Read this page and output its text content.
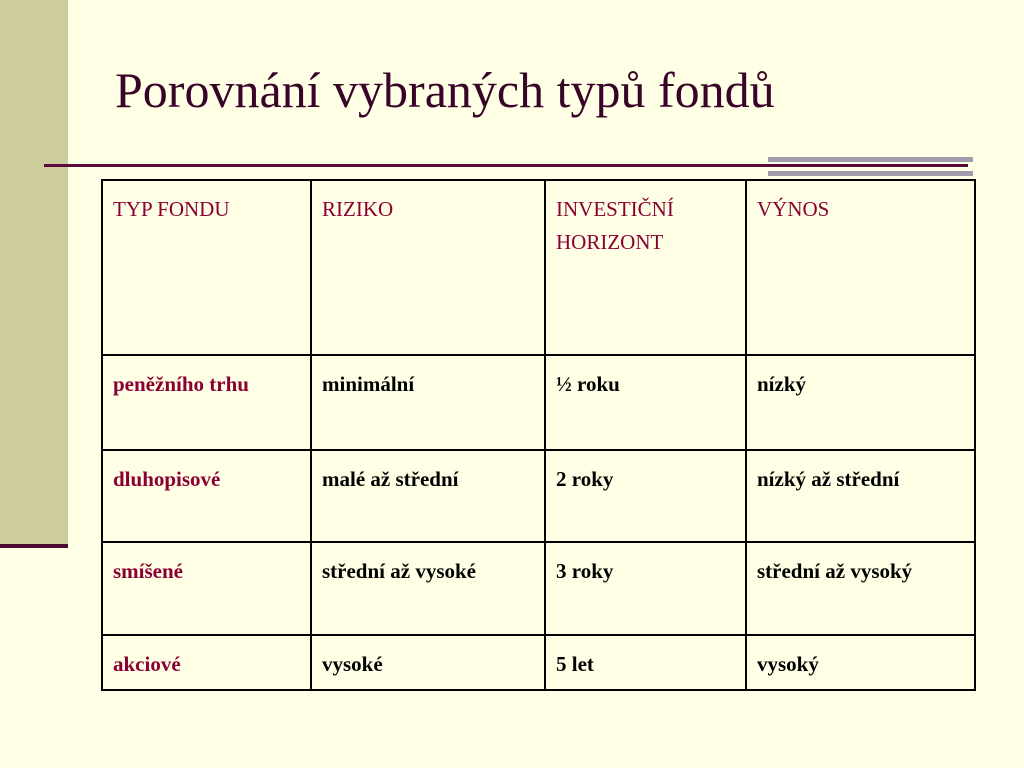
Porovnání vybraných typů fondů
TYP FONDU	RIZIKO	INVESTIČNÍ HORIZONT	VÝNOS
peněžního trhu	minimální	½ roku	nízký
dluhopisové	malé až střední	2 roky	nízký až střední
smíšené	střední až vysoké	3 roky	střední až vysoký
akciové	vysoké	5 let	vysoký
